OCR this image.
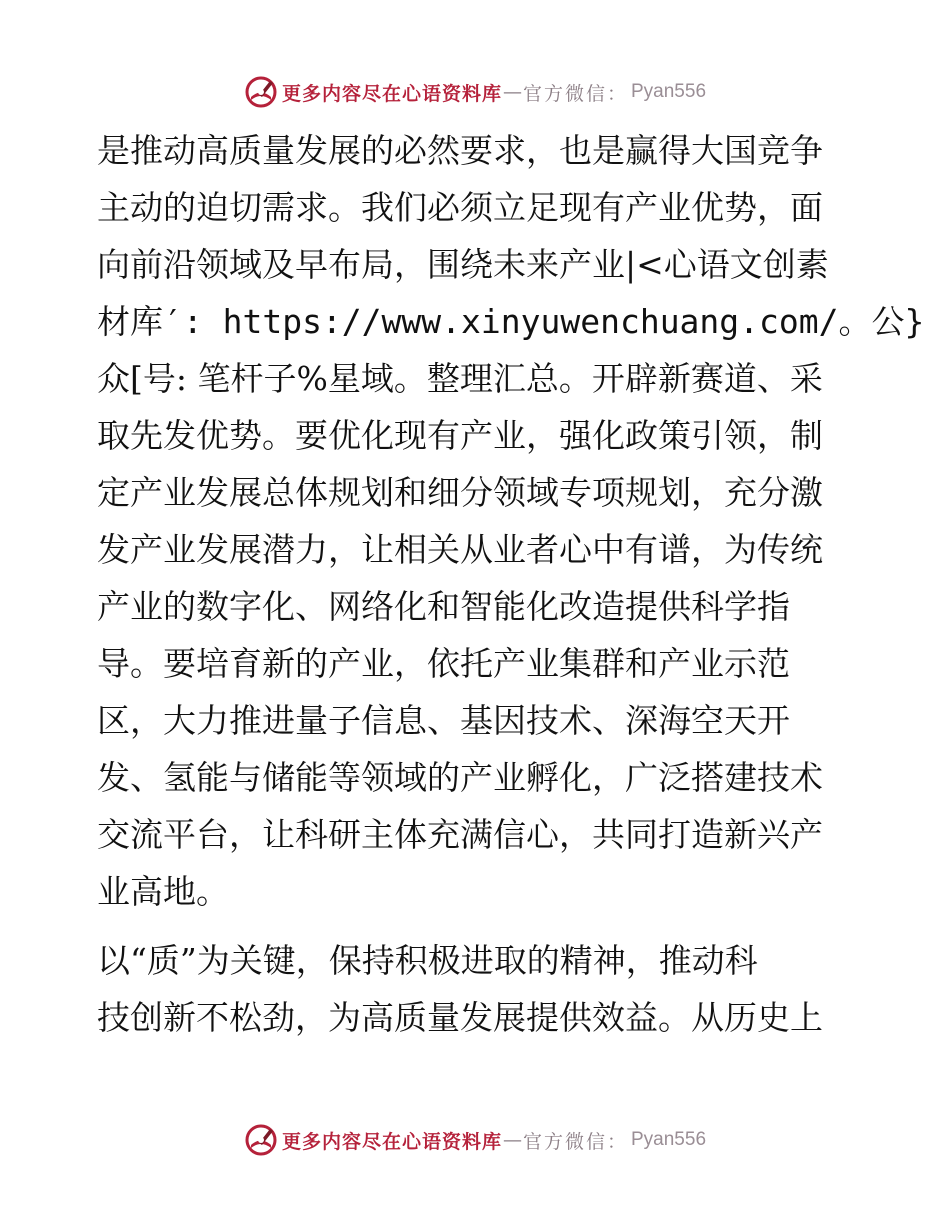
更多内容尽在心语资料库 — 官方微信： Pyan556
是推动高质量发展的必然要求，也是赢得大国竞争
主动的迫切需求。我们必须立足现有产业优势，面
向前沿领域及早布局，围绕未来产业|<心语文创素
材库′: https://www.xinyuwenchuang.com/。公}
众[号: 笔杆子%星域。整理汇总。开辟新赛道、采
取先发优势。要优化现有产业，强化政策引领，制
定产业发展总体规划和细分领域专项规划，充分激
发产业发展潜力，让相关从业者心中有谱，为传统
产业的数字化、网络化和智能化改造提供科学指
导。要培育新的产业，依托产业集群和产业示范
区，大力推进量子信息、基因技术、深海空天开
发、氢能与储能等领域的产业孵化，广泛搭建技术
交流平台，让科研主体充满信心，共同打造新兴产
业高地。
以“质”为关键，保持积极进取的精神，推动科
技创新不松劲，为高质量发展提供效益。从历史上
更多内容尽在心语资料库 — 官方微信： Pyan556
